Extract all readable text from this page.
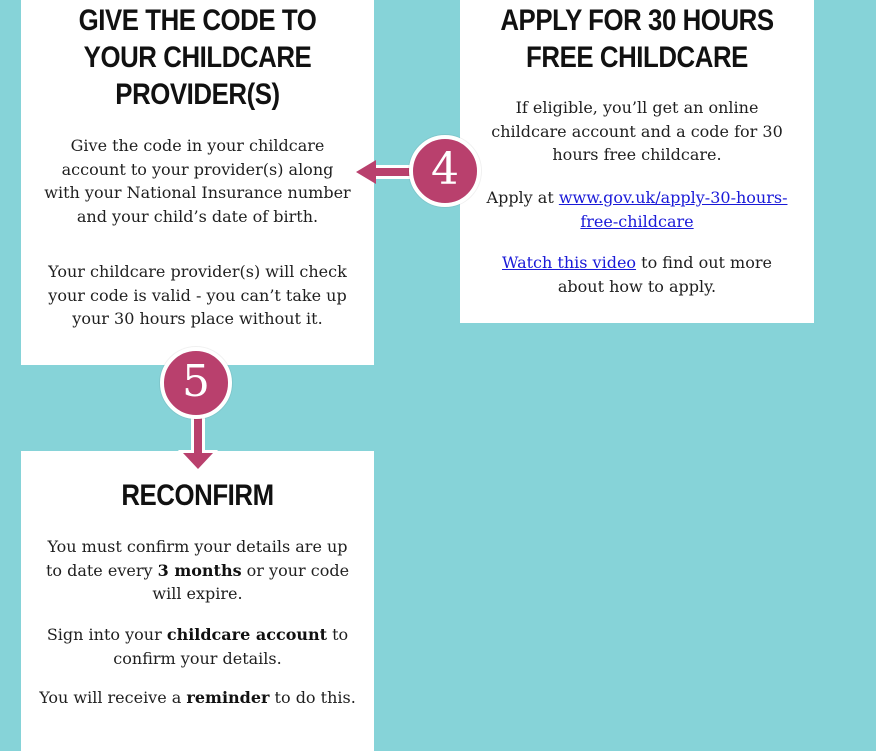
GIVE THE CODE TO
YOUR CHILDCARE
PROVIDER(S)

Give the code in your childcare account to your provider(s) along with your National Insurance number and your child’s date of birth.

Your childcare provider(s) will check your code is valid - you can’t take up your 30 hours place without it.

APPLY FOR 30 HOURS
FREE CHILDCARE

If eligible, you’ll get an online childcare account and a code for 30 hours free childcare.

Apply at www.gov.uk/apply-30-hours-free-childcare

Watch this video to find out more about how to apply.

RECONFIRM

You must confirm your details are up to date every 3 months or your code will expire.

Sign into your childcare account to confirm your details.

You will receive a reminder to do this.

4
5
